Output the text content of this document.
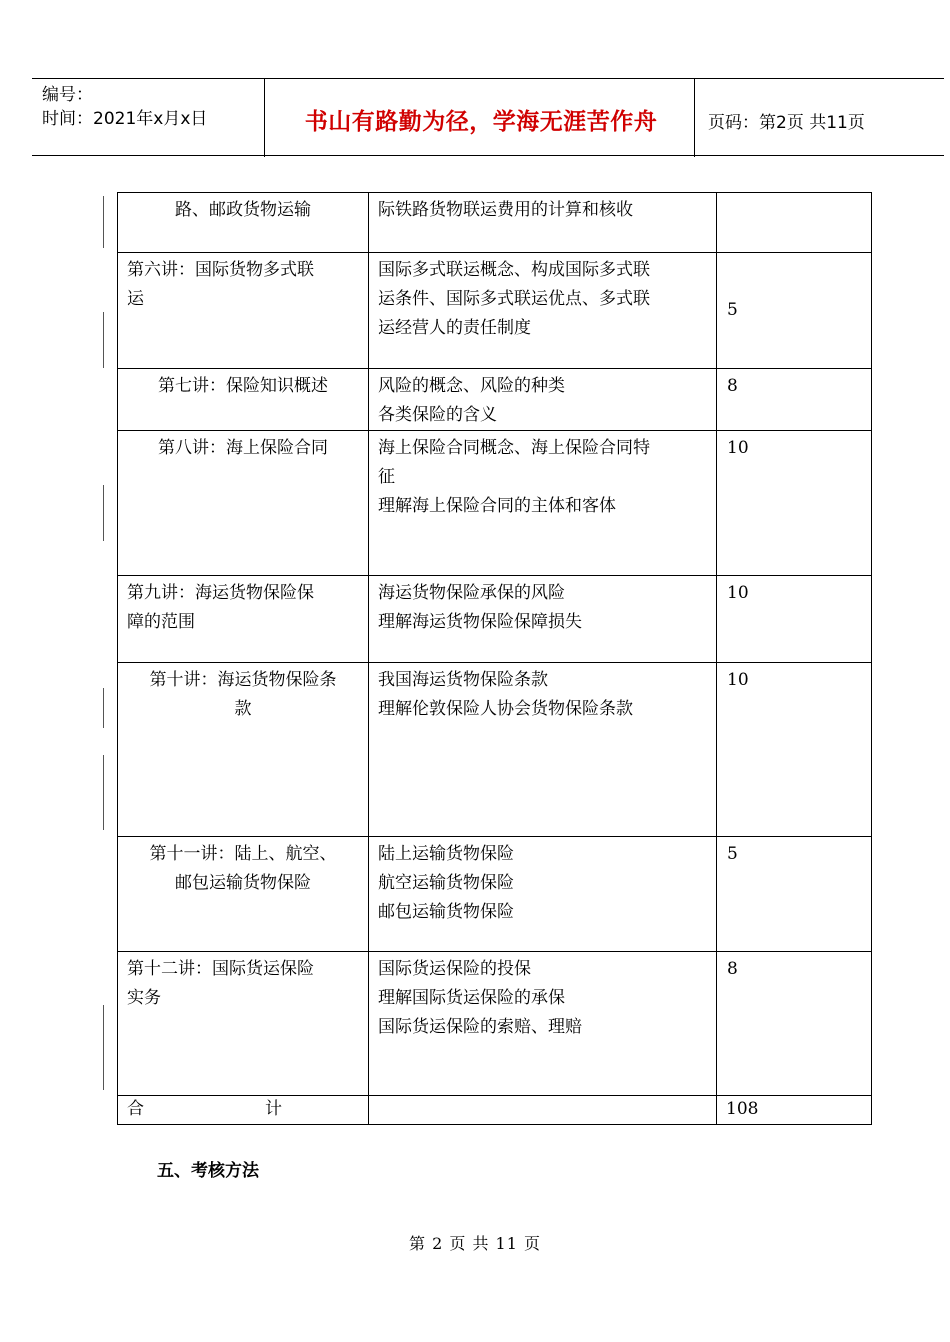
编号：
时间：2021年x月x日	书山有路勤为径，学海无涯苦作舟	页码：第2页 共11页
路、邮政货物运输	际铁路货物联运费用的计算和核收	

第六讲：国际货物多式联
运	国际多式联运概念、构成国际多式联
运条件、国际多式联运优点、多式联
运经营人的责任制度	5

第七讲：保险知识概述	风险的概念、风险的种类
各类保险的含义	8

第八讲：海上保险合同	海上保险合同概念、海上保险合同特
征
理解海上保险合同的主体和客体	10

第九讲：海运货物保险保
障的范围	海运货物保险承保的风险
理解海运货物保险保障损失	10

第十讲：海运货物保险条
款	我国海运货物保险条款
理解伦敦保险人协会货物保险条款	10

第十一讲：陆上、航空、
邮包运输货物保险	陆上运输货物保险
航空运输货物保险
邮包运输货物保险	5

第十二讲：国际货运保险
实务	国际货运保险的投保
理解国际货运保险的承保
国际货运保险的索赔、理赔	8

合 计		108
五、考核方法
第 2 页 共 11 页
